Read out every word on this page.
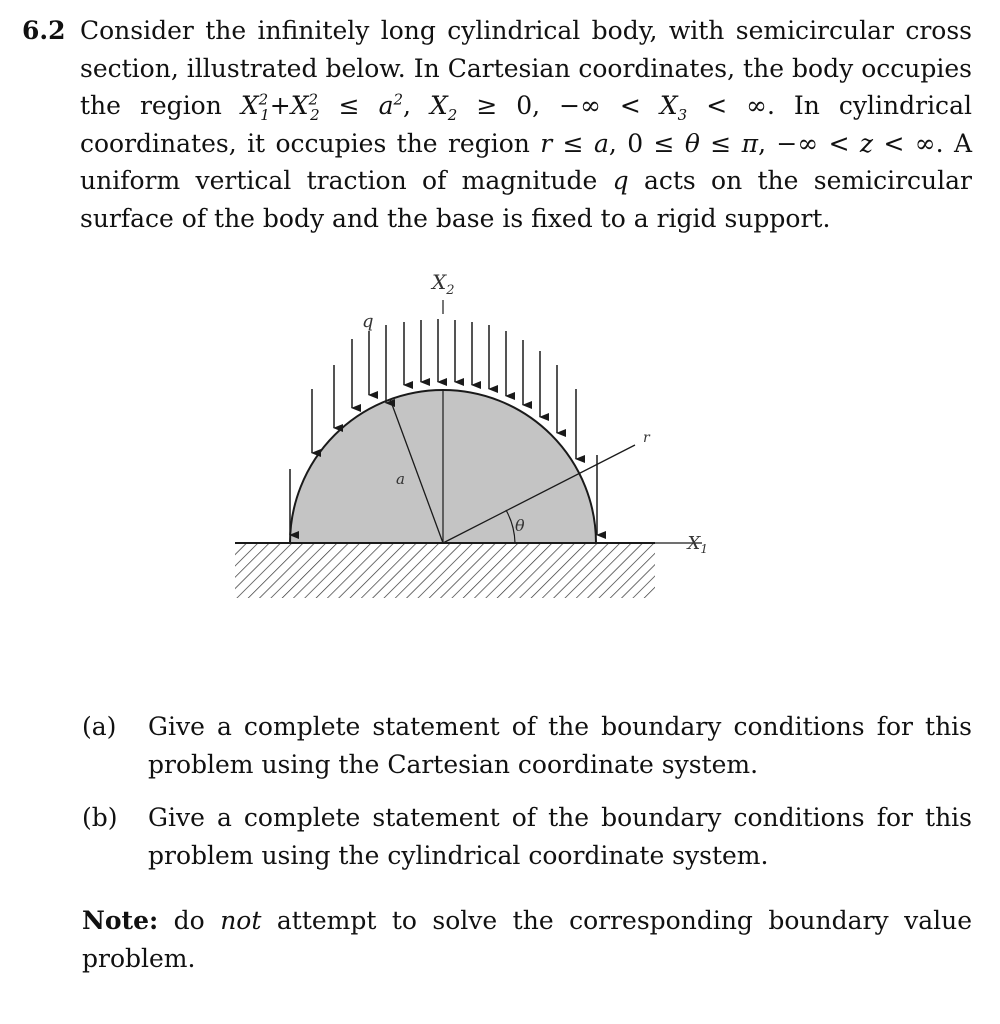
6.2 Consider the infinitely long cylindrical body, with semicircular cross section, illustrated below. In Cartesian coordinates, the body occupies the region $X^2_1+X^2_2 \le a^2$, $X_2 \ge 0$, −∞ < $X_3$ < ∞. In cylindrical coordinates, it occupies the region r ≤ a, 0 ≤ θ ≤ π, −∞ < z < ∞. A uniform vertical traction of magnitude q acts on the semicircular surface of the body and the base is fixed to a rigid support.
$X_2$
q
r
a
θ
$X_1$
(a) Give a complete statement of the boundary conditions for this problem using the Cartesian coordinate system.
(b) Give a complete statement of the boundary conditions for this problem using the cylindrical coordinate system.
Note: do not attempt to solve the corresponding boundary value problem.
